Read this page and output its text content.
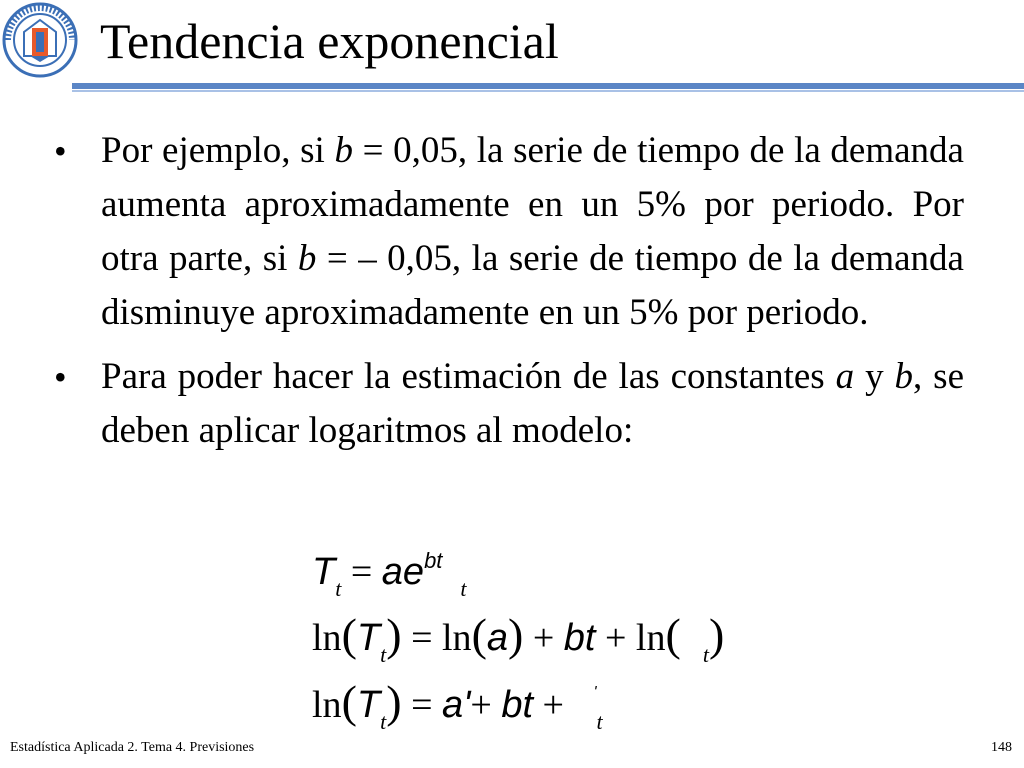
Tendencia exponencial
• Por ejemplo, si b = 0,05, la serie de tiempo de la demanda aumenta aproximadamente en un 5% por periodo. Por otra parte, si b = – 0,05, la serie de tiempo de la demanda disminuye aproximadamente en un 5% por periodo.
• Para poder hacer la estimación de las constantes a y b, se deben aplicar logaritmos al modelo:
$T_t = ae^{bt}_t$
$\ln(T_t) = \ln(a)$ + bt + ln( $_t$)
$\ln(T_t) = a'+$ bt + '$_t$
Estadística Aplicada 2. Tema 4. Previsiones	148
